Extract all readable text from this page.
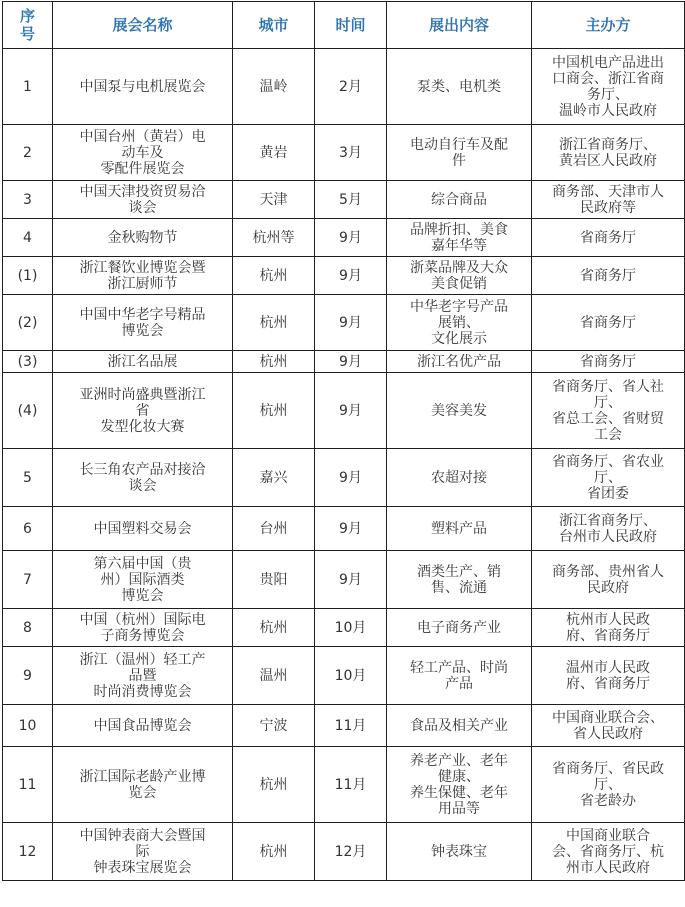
序
号	展会名称	城市	时间	展出内容	主办方
1	中国泵与电机展览会	温岭	2月	泵类、电机类	中国机电产品进出
口商会、浙江省商
务厅、
温岭市人民政府
2	中国台州（黄岩）电
动车及
零配件展览会	黄岩	3月	电动自行车及配
件	浙江省商务厅、
黄岩区人民政府
3	中国天津投资贸易洽
谈会	天津	5月	综合商品	商务部、天津市人
民政府等
4	金秋购物节	杭州等	9月	品牌折扣、美食
嘉年华等	省商务厅
(1)	浙江餐饮业博览会暨
浙江厨师节	杭州	9月	浙菜品牌及大众
美食促销	省商务厅
(2)	中国中华老字号精品
博览会	杭州	9月	中华老字号产品
展销、
文化展示	省商务厅
(3)	浙江名品展	杭州	9月	浙江名优产品	省商务厅
(4)	亚洲时尚盛典暨浙江
省
发型化妆大赛	杭州	9月	美容美发	省商务厅、省人社
厅、
省总工会、省财贸
工会
5	长三角农产品对接洽
谈会	嘉兴	9月	农超对接	省商务厅、省农业
厅、
省团委
6	中国塑料交易会	台州	9月	塑料产品	浙江省商务厅、
台州市人民政府
7	第六届中国（贵
州）国际酒类
博览会	贵阳	9月	酒类生产、销
售、流通	商务部、贵州省人
民政府
8	中国（杭州）国际电
子商务博览会	杭州	10月	电子商务产业	杭州市人民政
府、省商务厅
9	浙江（温州）轻工产
品暨
时尚消费博览会	温州	10月	轻工产品、时尚
产品	温州市人民政
府、省商务厅
10	中国食品博览会	宁波	11月	食品及相关产业	中国商业联合会、
省人民政府
11	浙江国际老龄产业博
览会	杭州	11月	养老产业、老年
健康、
养生保健、老年
用品等	省商务厅、省民政
厅、
省老龄办
12	中国钟表商大会暨国
际
钟表珠宝展览会	杭州	12月	钟表珠宝	中国商业联合
会、省商务厅、杭
州市人民政府
